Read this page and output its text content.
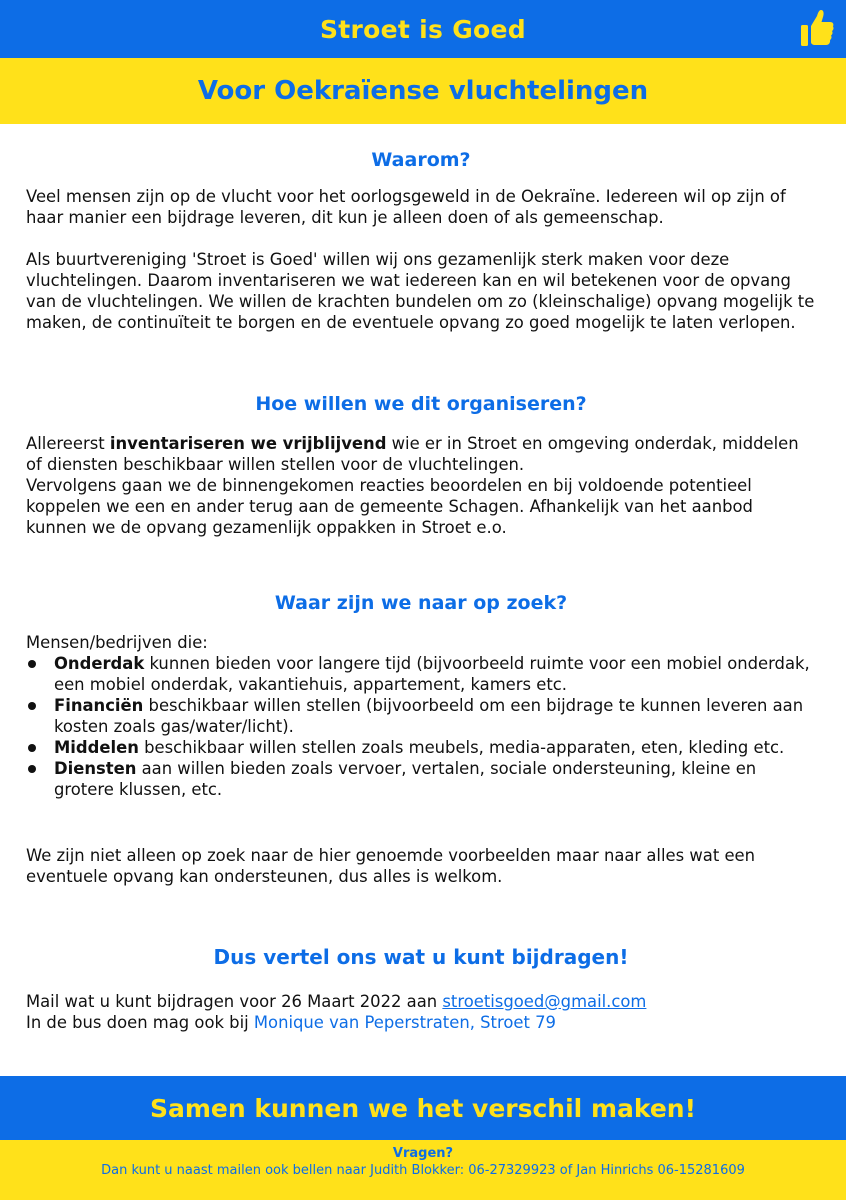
Stroet is Goed
Voor Oekraïense vluchtelingen
Waarom?

Veel mensen zijn op de vlucht voor het oorlogsgeweld in de Oekraïne. Iedereen wil op zijn of haar manier een bijdrage leveren, dit kun je alleen doen of als gemeenschap.

Als buurtvereniging 'Stroet is Goed' willen wij ons gezamenlijk sterk maken voor deze vluchtelingen. Daarom inventariseren we wat iedereen kan en wil betekenen voor de opvang van de vluchtelingen. We willen de krachten bundelen om zo (kleinschalige) opvang mogelijk te maken, de continuïteit te borgen en de eventuele opvang zo goed mogelijk te laten verlopen.

Hoe willen we dit organiseren?

Allereerst inventariseren we vrijblijvend wie er in Stroet en omgeving onderdak, middelen of diensten beschikbaar willen stellen voor de vluchtelingen.
Vervolgens gaan we de binnengekomen reacties beoordelen en bij voldoende potentieel koppelen we een en ander terug aan de gemeente Schagen. Afhankelijk van het aanbod kunnen we de opvang gezamenlijk oppakken in Stroet e.o.

Waar zijn we naar op zoek?

Mensen/bedrijven die:

Onderdak kunnen bieden voor langere tijd (bijvoorbeeld ruimte voor een mobiel onderdak, een mobiel onderdak, vakantiehuis, appartement, kamers etc.
Financiën beschikbaar willen stellen (bijvoorbeeld om een bijdrage te kunnen leveren aan kosten zoals gas/water/licht).
Middelen beschikbaar willen stellen zoals meubels, media-apparaten, eten, kleding etc.
Diensten aan willen bieden zoals vervoer, vertalen, sociale ondersteuning, kleine en grotere klussen, etc.

We zijn niet alleen op zoek naar de hier genoemde voorbeelden maar naar alles wat een eventuele opvang kan ondersteunen, dus alles is welkom.

Dus vertel ons wat u kunt bijdragen!

Mail wat u kunt bijdragen voor 26 Maart 2022 aan stroetisgoed@gmail.com
In de bus doen mag ook bij Monique van Peperstraten, Stroet 79

Samen kunnen we het verschil maken!
Vragen?
Dan kunt u naast mailen ook bellen naar Judith Blokker: 06-27329923 of Jan Hinrichs 06-15281609
